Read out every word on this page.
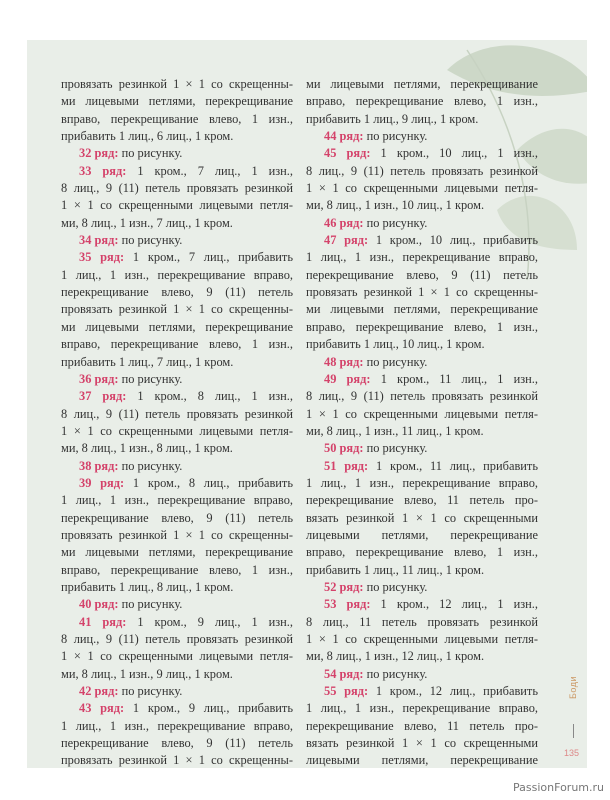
провязать резинкой 1 × 1 со скрещенны-
ми лицевыми петлями, перекрещивание
вправо, перекрещивание влево, 1 изн.,
прибавить 1 лиц., 6 лиц., 1 кром.
32 ряд: по рисунку.
33 ряд: 1 кром., 7 лиц., 1 изн.,
8 лиц., 9 (11) петель провязать резинкой
1 × 1 со скрещенными лицевыми петля-
ми, 8 лиц., 1 изн., 7 лиц., 1 кром.
34 ряд: по рисунку.
35 ряд: 1 кром., 7 лиц., прибавить
1 лиц., 1 изн., перекрещивание вправо,
перекрещивание влево, 9 (11) петель
провязать резинкой 1 × 1 со скрещенны-
ми лицевыми петлями, перекрещивание
вправо, перекрещивание влево, 1 изн.,
прибавить 1 лиц., 7 лиц., 1 кром.
36 ряд: по рисунку.
37 ряд: 1 кром., 8 лиц., 1 изн.,
8 лиц., 9 (11) петель провязать резинкой
1 × 1 со скрещенными лицевыми петля-
ми, 8 лиц., 1 изн., 8 лиц., 1 кром.
38 ряд: по рисунку.
39 ряд: 1 кром., 8 лиц., прибавить
1 лиц., 1 изн., перекрещивание вправо,
перекрещивание влево, 9 (11) петель
провязать резинкой 1 × 1 со скрещенны-
ми лицевыми петлями, перекрещивание
вправо, перекрещивание влево, 1 изн.,
прибавить 1 лиц., 8 лиц., 1 кром.
40 ряд: по рисунку.
41 ряд: 1 кром., 9 лиц., 1 изн.,
8 лиц., 9 (11) петель провязать резинкой
1 × 1 со скрещенными лицевыми петля-
ми, 8 лиц., 1 изн., 9 лиц., 1 кром.
42 ряд: по рисунку.
43 ряд: 1 кром., 9 лиц., прибавить
1 лиц., 1 изн., перекрещивание вправо,
перекрещивание влево, 9 (11) петель
провязать резинкой 1 × 1 со скрещенны-
ми лицевыми петлями, перекрещивание
вправо, перекрещивание влево, 1 изн.,
прибавить 1 лиц., 9 лиц., 1 кром.
44 ряд: по рисунку.
45 ряд: 1 кром., 10 лиц., 1 изн.,
8 лиц., 9 (11) петель провязать резинкой
1 × 1 со скрещенными лицевыми петля-
ми, 8 лиц., 1 изн., 10 лиц., 1 кром.
46 ряд: по рисунку.
47 ряд: 1 кром., 10 лиц., прибавить
1 лиц., 1 изн., перекрещивание вправо,
перекрещивание влево, 9 (11) петель
провязать резинкой 1 × 1 со скрещенны-
ми лицевыми петлями, перекрещивание
вправо, перекрещивание влево, 1 изн.,
прибавить 1 лиц., 10 лиц., 1 кром.
48 ряд: по рисунку.
49 ряд: 1 кром., 11 лиц., 1 изн.,
8 лиц., 9 (11) петель провязать резинкой
1 × 1 со скрещенными лицевыми петля-
ми, 8 лиц., 1 изн., 11 лиц., 1 кром.
50 ряд: по рисунку.
51 ряд: 1 кром., 11 лиц., прибавить
1 лиц., 1 изн., перекрещивание вправо,
перекрещивание влево, 11 петель про-
вязать резинкой 1 × 1 со скрещенными
лицевыми петлями, перекрещивание
вправо, перекрещивание влево, 1 изн.,
прибавить 1 лиц., 11 лиц., 1 кром.
52 ряд: по рисунку.
53 ряд: 1 кром., 12 лиц., 1 изн.,
8 лиц., 11 петель провязать резинкой
1 × 1 со скрещенными лицевыми петля-
ми, 8 лиц., 1 изн., 12 лиц., 1 кром.
54 ряд: по рисунку.
55 ряд: 1 кром., 12 лиц., прибавить
1 лиц., 1 изн., перекрещивание вправо,
перекрещивание влево, 11 петель про-
вязать резинкой 1 × 1 со скрещенными
лицевыми петлями, перекрещивание
Боди
135
PassionForum.ru
